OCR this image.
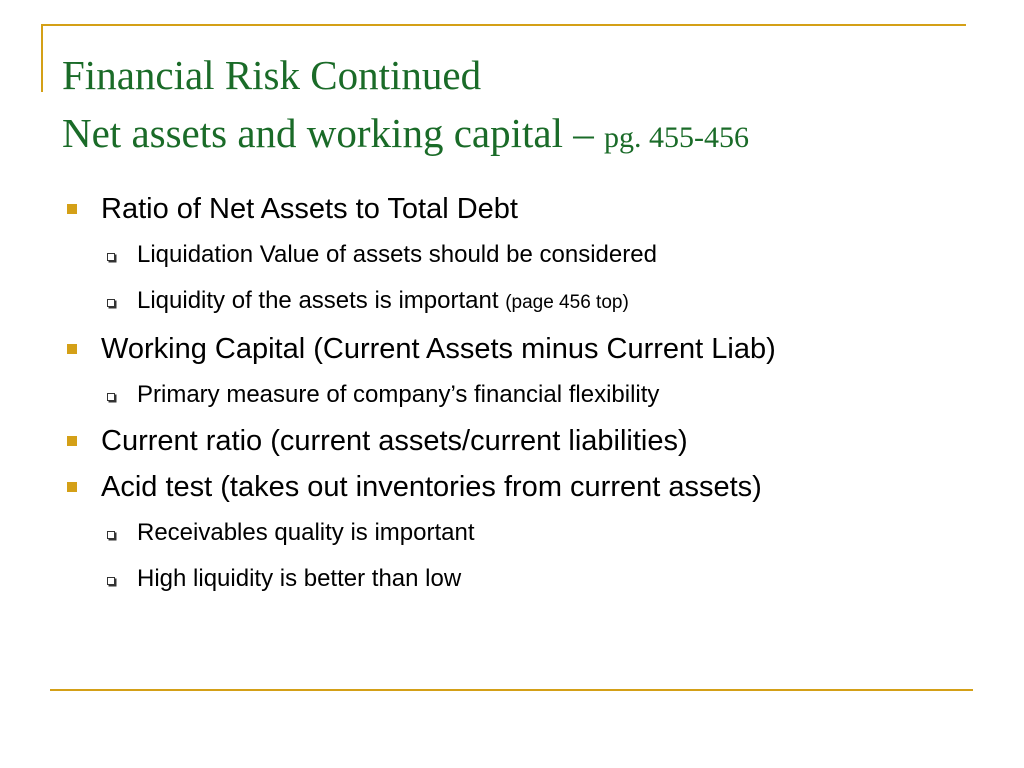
Financial Risk Continued
Net assets and working capital – pg. 455-456
Ratio of Net Assets to Total Debt
Liquidation Value of assets should be considered
Liquidity of the assets is important (page 456 top)
Working Capital (Current Assets minus Current Liab)
Primary measure of company’s financial flexibility
Current ratio (current assets/current liabilities)
Acid test (takes out inventories from current assets)
Receivables quality is important
High liquidity is better than low
